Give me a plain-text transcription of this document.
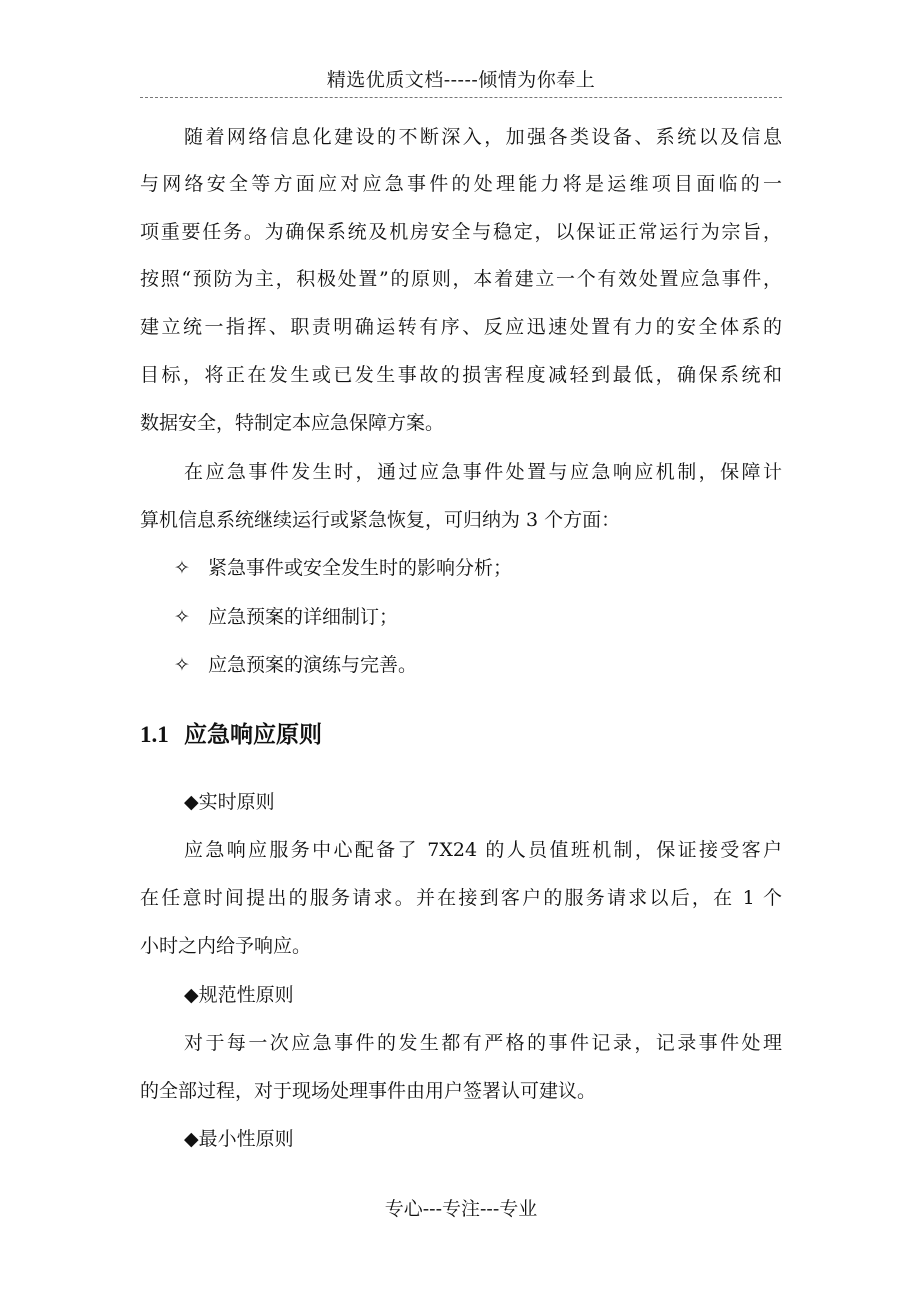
精选优质文档-----倾情为你奉上
随着网络信息化建设的不断深入，加强各类设备、系统以及信息
与网络安全等方面应对应急事件的处理能力将是运维项目面临的一
项重要任务。为确保系统及机房安全与稳定，以保证正常运行为宗旨，
按照“预防为主，积极处置”的原则，本着建立一个有效处置应急事件，
建立统一指挥、职责明确运转有序、反应迅速处置有力的安全体系的
目标，将正在发生或已发生事故的损害程度减轻到最低，确保系统和
数据安全，特制定本应急保障方案。
在应急事件发生时，通过应急事件处置与应急响应机制，保障计
算机信息系统继续运行或紧急恢复，可归纳为 3 个方面：
✧ 紧急事件或安全发生时的影响分析；
✧ 应急预案的详细制订；
✧ 应急预案的演练与完善。
1.1 应急响应原则
◆实时原则
应急响应服务中心配备了 7X24 的人员值班机制，保证接受客户
在任意时间提出的服务请求。并在接到客户的服务请求以后，在 1 个
小时之内给予响应。
◆规范性原则
对于每一次应急事件的发生都有严格的事件记录，记录事件处理
的全部过程，对于现场处理事件由用户签署认可建议。
◆最小性原则
专心---专注---专业
